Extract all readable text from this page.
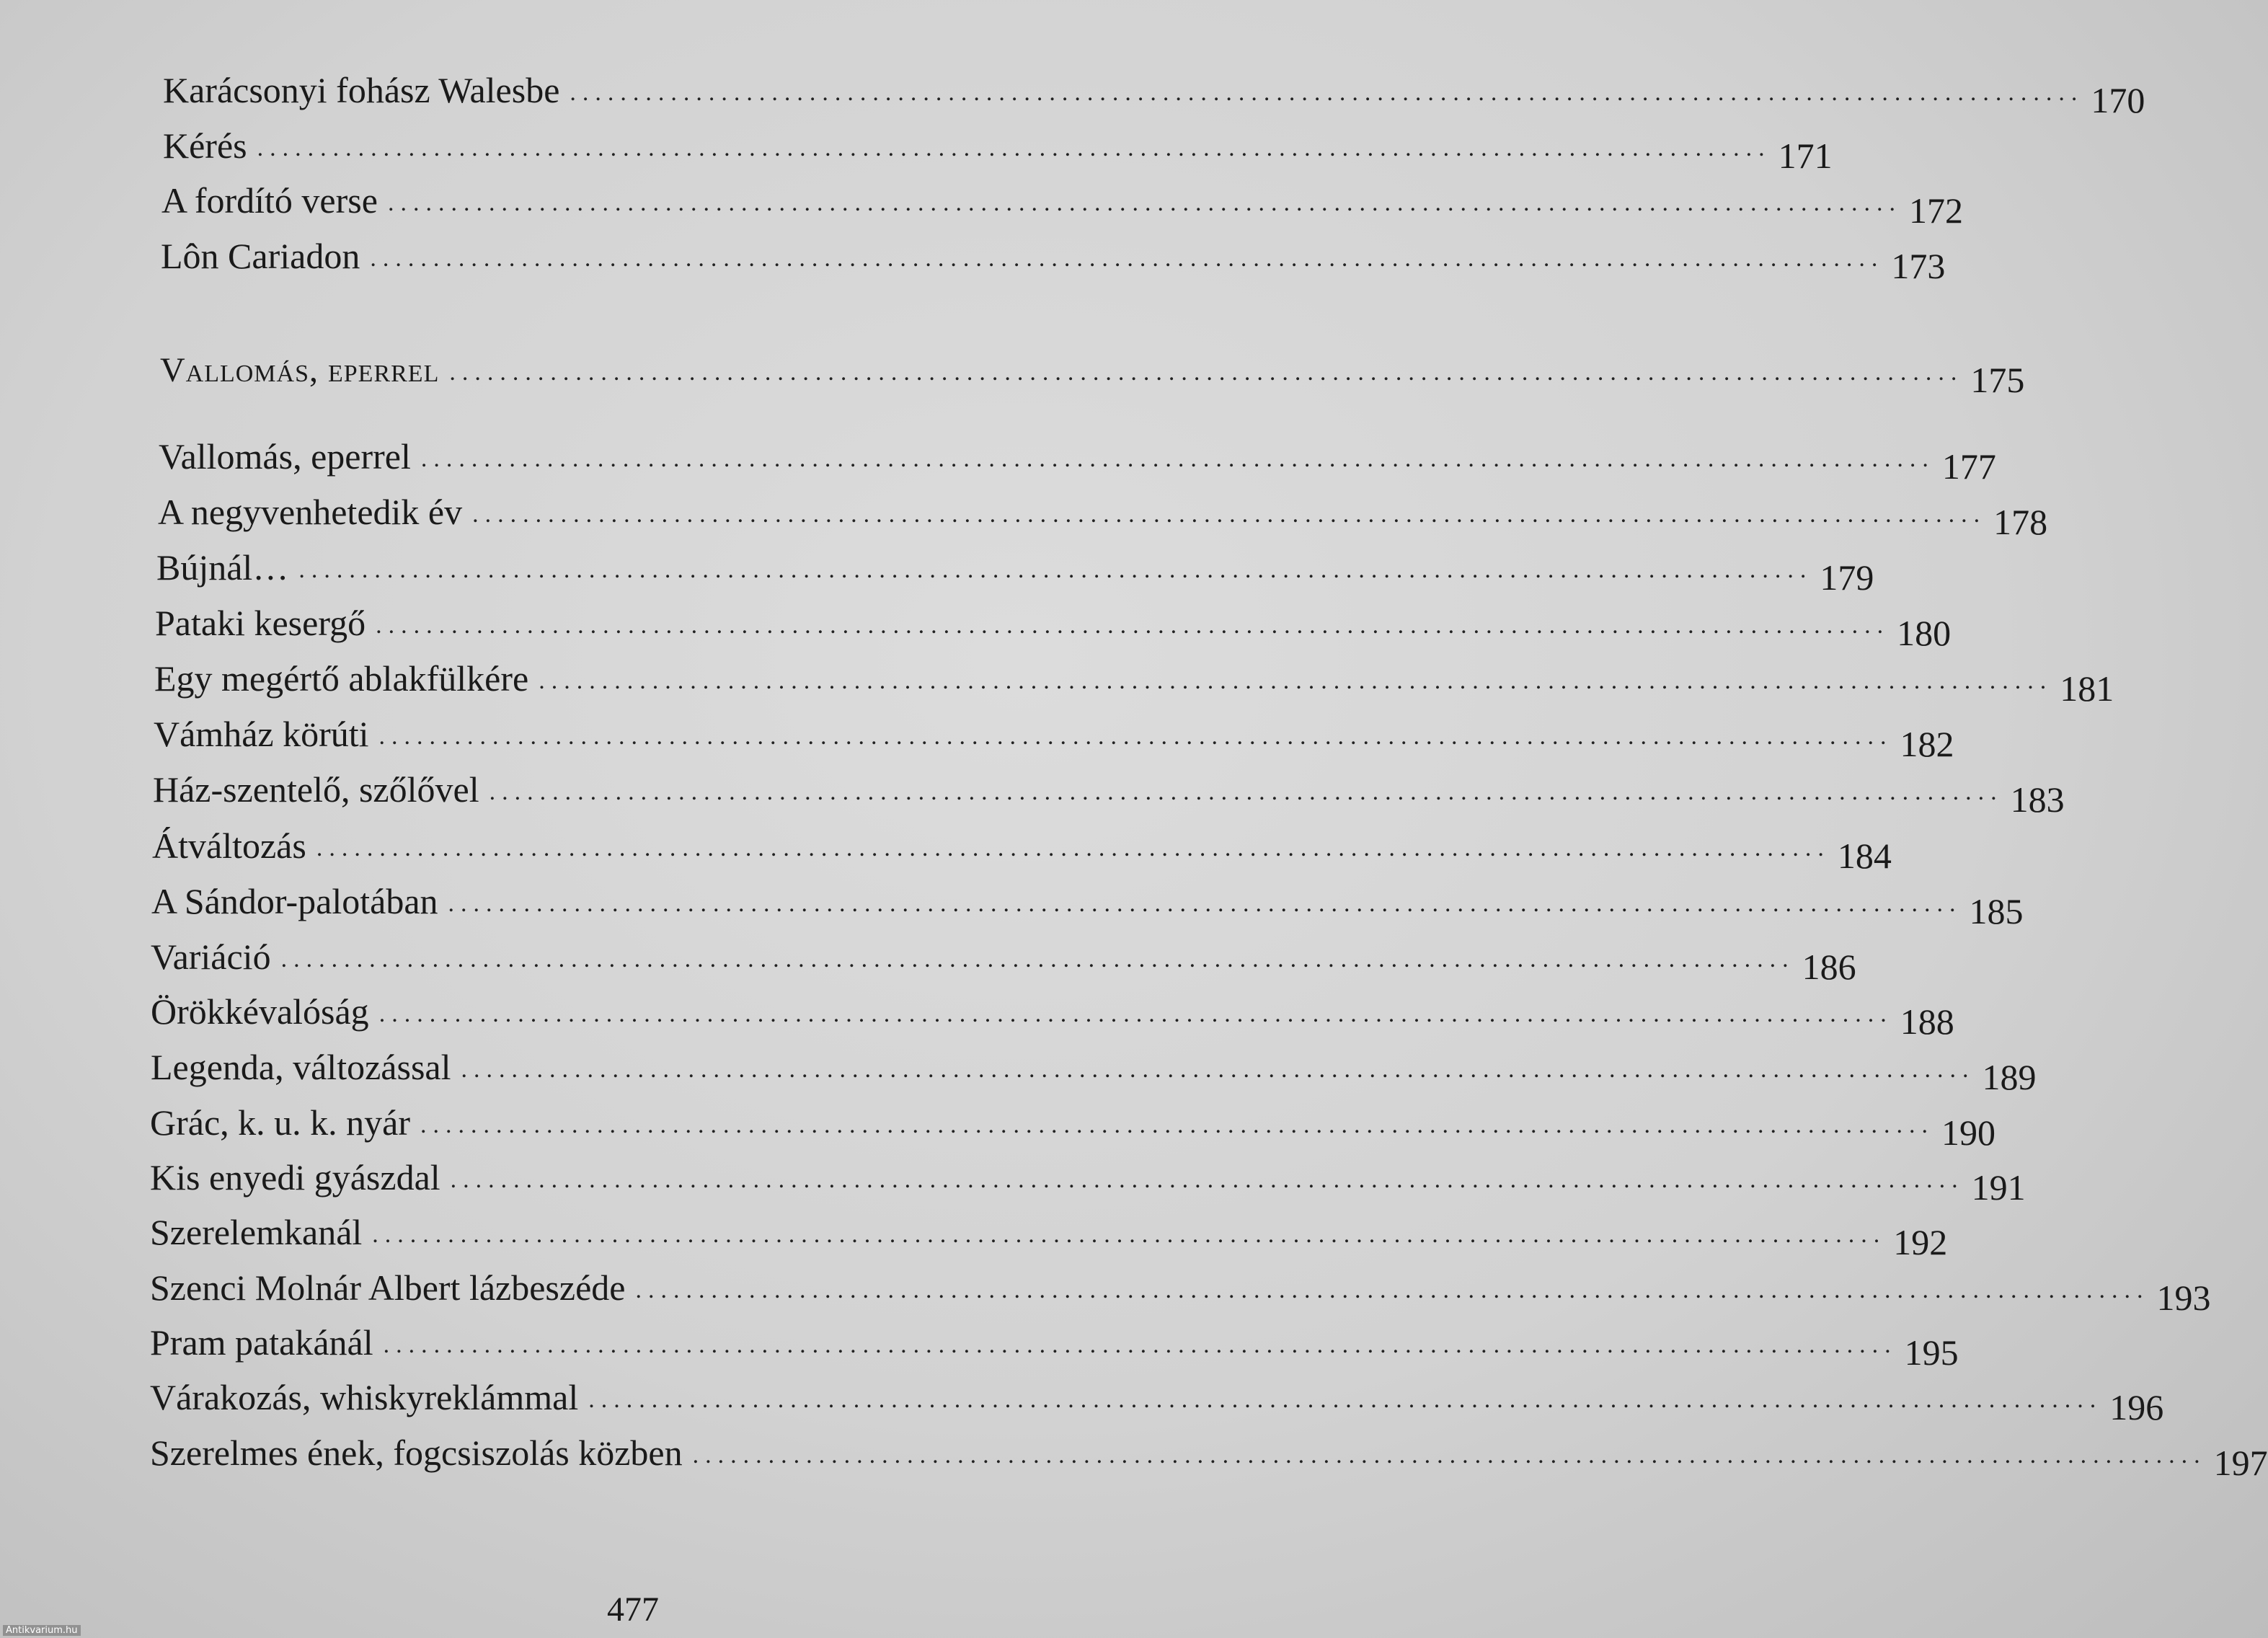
Karácsonyi fohász Walesbe ........................................................................................................................ 170
Kérés ........................................................................................................................ 171
A fordító verse ........................................................................................................................ 172
Lôn Cariadon ........................................................................................................................ 173
Vallomás, eperrel ........................................................................................................................ 175
Vallomás, eperrel ........................................................................................................................ 177
A negyvenhetedik év ........................................................................................................................ 178
Bújnál… ........................................................................................................................ 179
Pataki kesergő ........................................................................................................................ 180
Egy megértő ablakfülkére ........................................................................................................................ 181
Vámház körúti ........................................................................................................................ 182
Ház-szentelő, szőlővel ........................................................................................................................ 183
Átváltozás ........................................................................................................................ 184
A Sándor-palotában ........................................................................................................................ 185
Variáció ........................................................................................................................ 186
Örökkévalóság ........................................................................................................................ 188
Legenda, változással ........................................................................................................................ 189
Grác, k. u. k. nyár ........................................................................................................................ 190
Kis enyedi gyászdal ........................................................................................................................ 191
Szerelemkanál ........................................................................................................................ 192
Szenci Molnár Albert lázbeszéde ........................................................................................................................ 193
Pram patakánál ........................................................................................................................ 195
Várakozás, whiskyreklámmal ........................................................................................................................ 196
Szerelmes ének, fogcsiszolás közben ........................................................................................................................ 197
477
Antikvarium.hu
